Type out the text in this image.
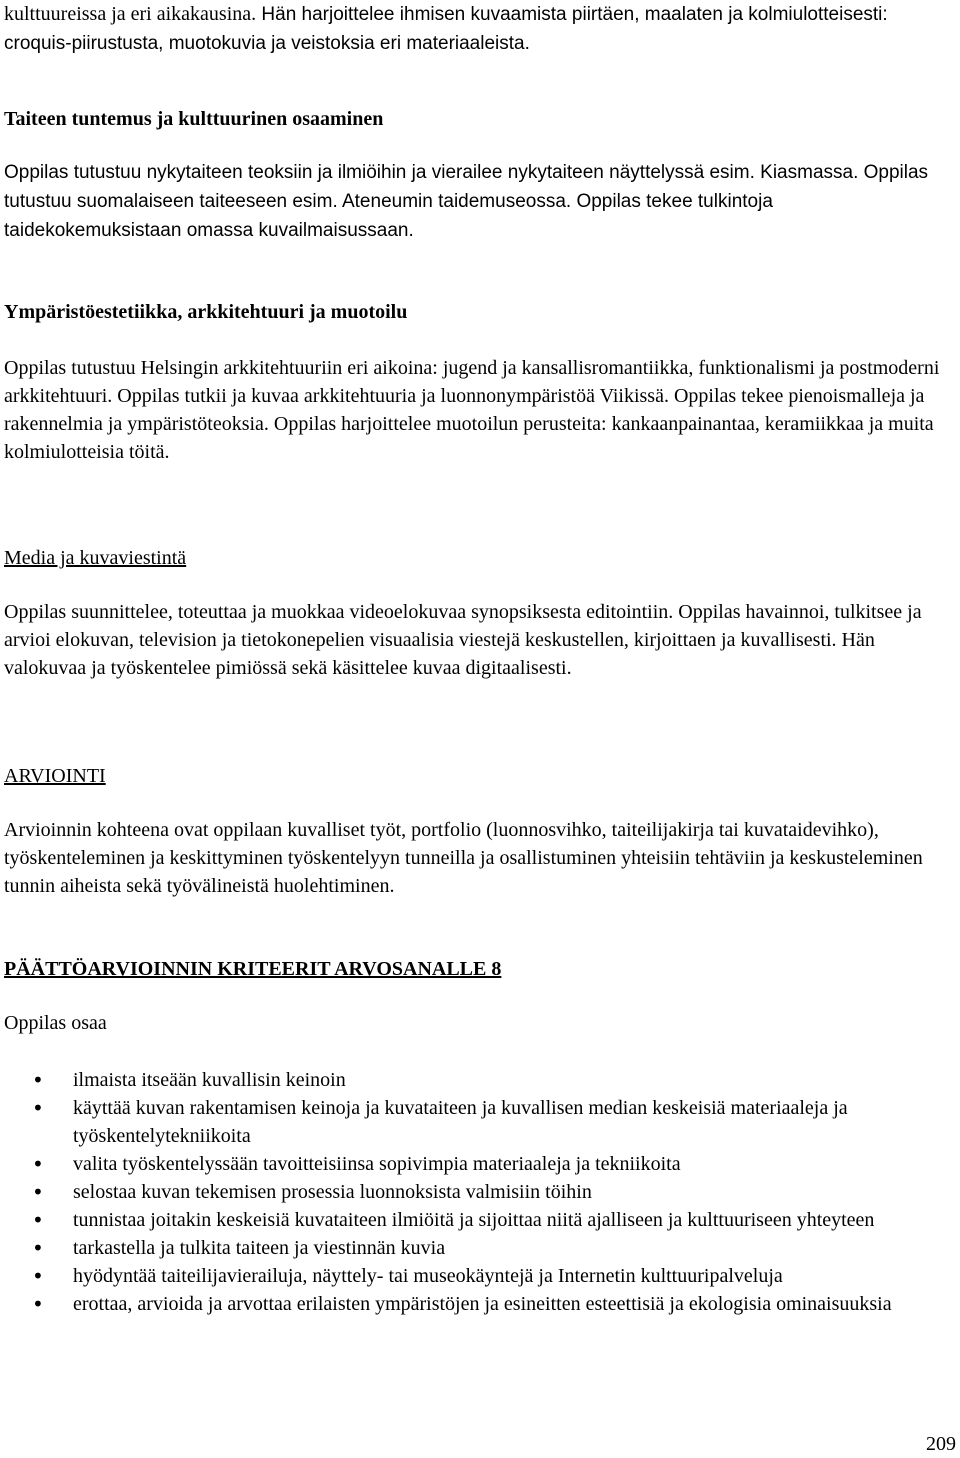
kulttuureissa ja eri aikakausina. Hän harjoittelee ihmisen kuvaamista piirtäen, maalaten ja kolmiulotteisesti: croquis-piirustusta, muotokuvia ja veistoksia eri materiaaleista.

Taiteen tuntemus ja kulttuurinen osaaminen

Oppilas tutustuu nykytaiteen teoksiin ja ilmiöihin ja vierailee nykytaiteen näyttelyssä esim. Kiasmassa. Oppilas tutustuu suomalaiseen taiteeseen esim. Ateneumin taidemuseossa. Oppilas tekee tulkintoja taidekokemuksistaan omassa kuvailmaisussaan.

Ympäristöestetiikka, arkkitehtuuri ja muotoilu

Oppilas tutustuu Helsingin arkkitehtuuriin eri aikoina: jugend ja kansallisromantiikka, funktionalismi ja postmoderni arkkitehtuuri. Oppilas tutkii ja kuvaa arkkitehtuuria ja luonnonympäristöä Viikissä. Oppilas tekee pienoismalleja ja rakennelmia ja ympäristöteoksia. Oppilas harjoittelee muotoilun perusteita: kankaanpainantaa, keramiikkaa ja muita kolmiulotteisia töitä.

Media ja kuvaviestintä

Oppilas suunnittelee, toteuttaa ja muokkaa videoelokuvaa synopsiksesta editointiin. Oppilas havainnoi, tulkitsee ja arvioi elokuvan, television ja tietokonepelien visuaalisia viestejä keskustellen, kirjoittaen ja kuvallisesti. Hän valokuvaa ja työskentelee pimiössä sekä käsittelee kuvaa digitaalisesti.

ARVIOINTI

Arvioinnin kohteena ovat oppilaan kuvalliset työt, portfolio (luonnosvihko, taiteilijakirja tai kuvataidevihko), työskenteleminen ja keskittyminen työskentelyyn tunneilla ja osallistuminen yhteisiin tehtäviin ja keskusteleminen tunnin aiheista sekä työvälineistä huolehtiminen.

PÄÄTTÖARVIOINNIN KRITEERIT ARVOSANALLE 8

Oppilas osaa

• ilmaista itseään kuvallisin keinoin
• käyttää kuvan rakentamisen keinoja ja kuvataiteen ja kuvallisen median keskeisiä materiaaleja ja työskentelytekniikoita
• valita työskentelyssään tavoitteisiinsa sopivimpia materiaaleja ja tekniikoita
• selostaa kuvan tekemisen prosessia luonnoksista valmisiin töihin
• tunnistaa joitakin keskeisiä kuvataiteen ilmiöitä ja sijoittaa niitä ajalliseen ja kulttuuriseen yhteyteen
• tarkastella ja tulkita taiteen ja viestinnän kuvia
• hyödyntää taiteilijavierailuja, näyttely- tai museokäyntejä ja Internetin kulttuuripalveluja
• erottaa, arvioida ja arvottaa erilaisten ympäristöjen ja esineitten esteettisiä ja ekologisia ominaisuuksia
209
